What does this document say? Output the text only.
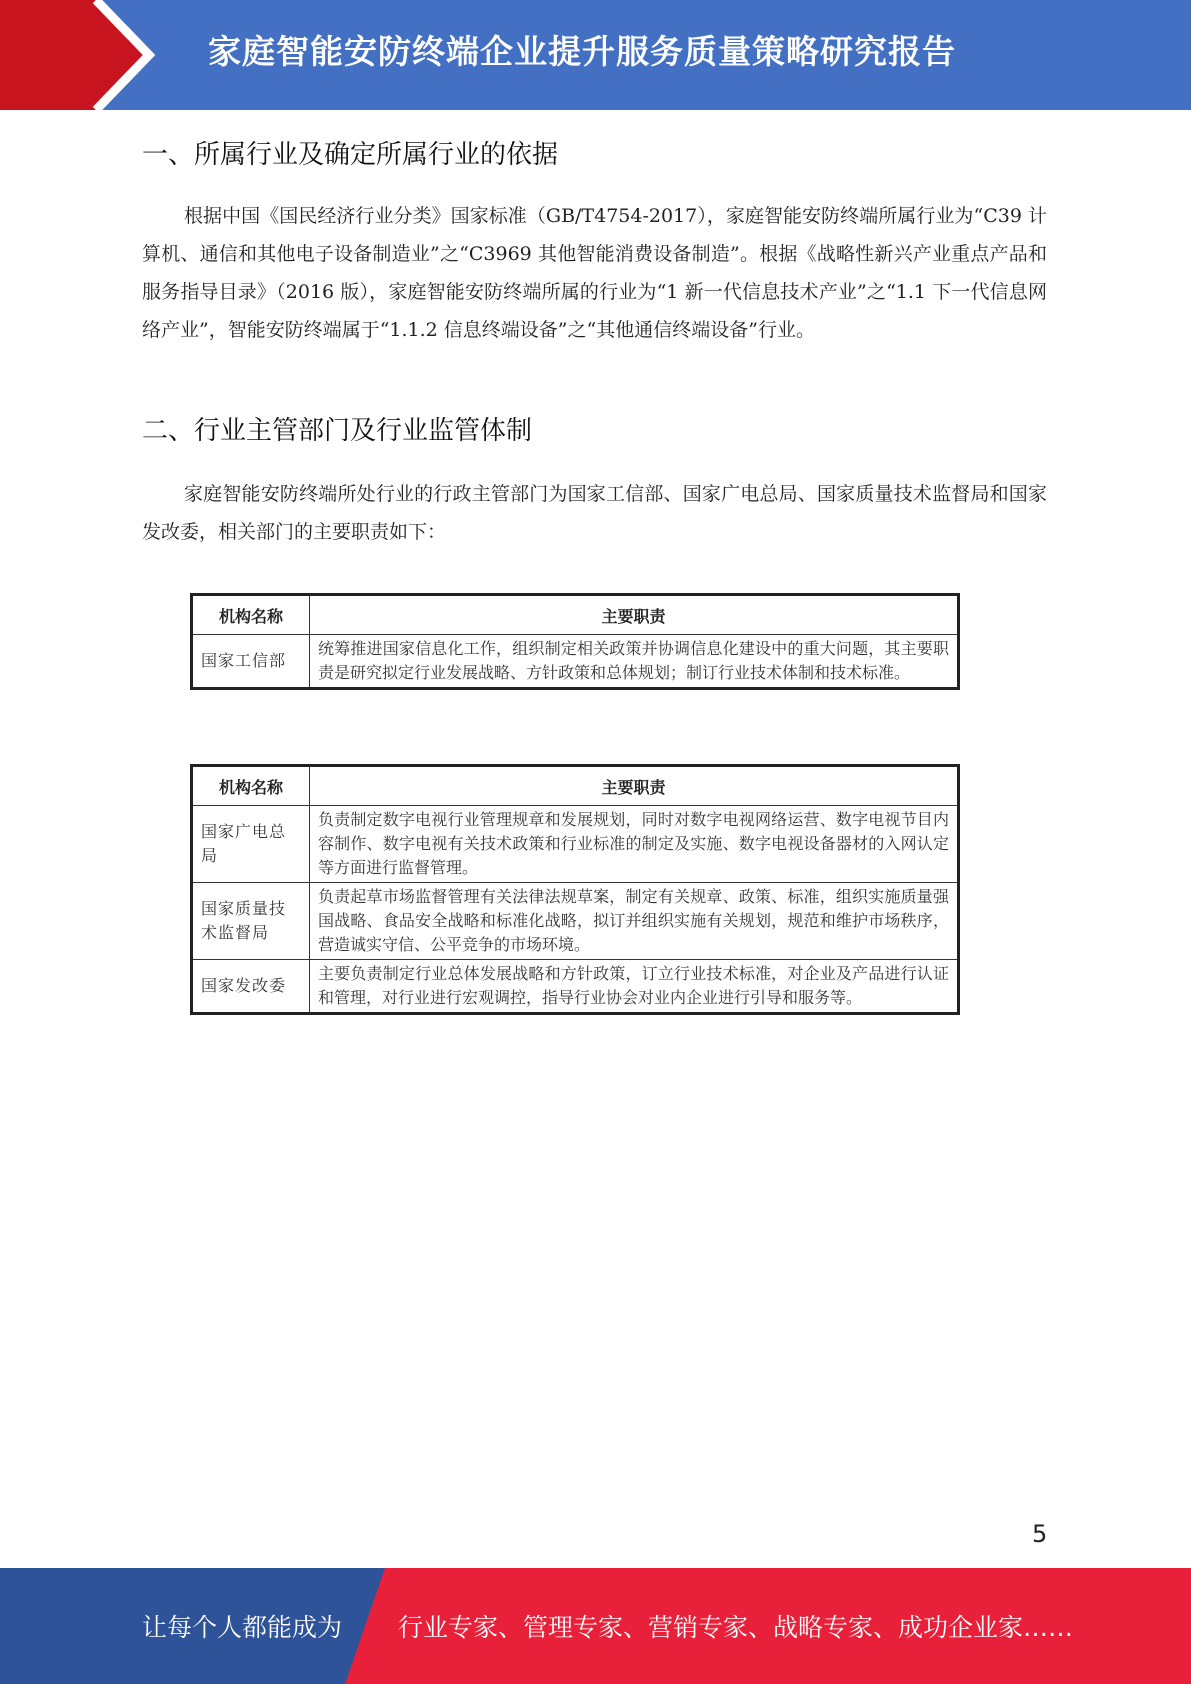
家庭智能安防终端企业提升服务质量策略研究报告
一、所属行业及确定所属行业的依据
根据中国《国民经济行业分类》国家标准（GB/T4754-2017），家庭智能安防终端所属行业为“C39 计算机、通信和其他电子设备制造业”之“C3969 其他智能消费设备制造”。根据《战略性新兴产业重点产品和服务指导目录》（2016 版），家庭智能安防终端所属的行业为“1 新一代信息技术产业”之“1.1 下一代信息网络产业”，智能安防终端属于“1.1.2 信息终端设备”之“其他通信终端设备”行业。
二、行业主管部门及行业监管体制
家庭智能安防终端所处行业的行政主管部门为国家工信部、国家广电总局、国家质量技术监督局和国家发改委，相关部门的主要职责如下：
机构名称	主要职责
国家工信部	统筹推进国家信息化工作，组织制定相关政策并协调信息化建设中的重大问题，其主要职责是研究拟定行业发展战略、方针政策和总体规划；制订行业技术体制和技术标准。
机构名称	主要职责
国家广电总局	负责制定数字电视行业管理规章和发展规划，同时对数字电视网络运营、数字电视节目内容制作、数字电视有关技术政策和行业标准的制定及实施、数字电视设备器材的入网认定等方面进行监督管理。
国家质量技术监督局	负责起草市场监督管理有关法律法规草案，制定有关规章、政策、标准，组织实施质量强国战略、食品安全战略和标准化战略，拟订并组织实施有关规划，规范和维护市场秩序，营造诚实守信、公平竞争的市场环境。
国家发改委	主要负责制定行业总体发展战略和方针政策，订立行业技术标准，对企业及产品进行认证和管理，对行业进行宏观调控，指导行业协会对业内企业进行引导和服务等。
5
让每个人都能成为 行业专家、管理专家、营销专家、战略专家、成功企业家……
